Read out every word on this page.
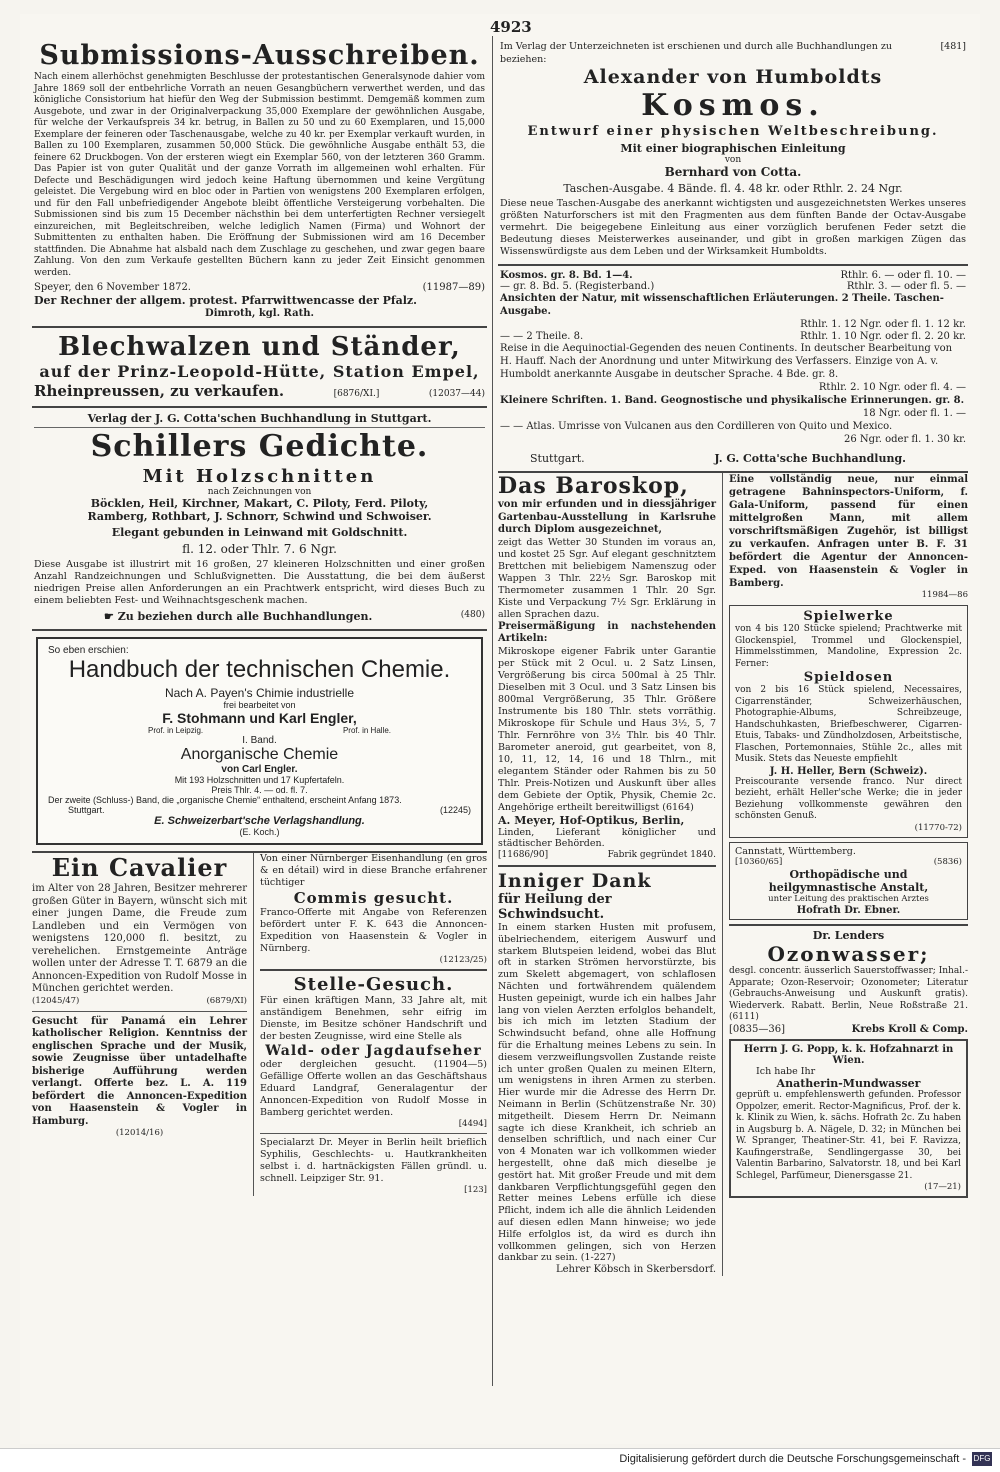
4923
Submissions-Ausschreiben.

Nach einem allerhöchst genehmigten Beschlusse der protestantischen Generalsynode dahier vom Jahre 1869 soll der entbehrliche Vorrath an neuen Gesangbüchern verwerthet werden, und das königliche Consistorium hat hiefür den Weg der Submission bestimmt. Demgemäß kommen zum Ausgebote, und zwar in der Originalverpackung 35,000 Exemplare der gewöhnlichen Ausgabe, für welche der Verkaufspreis 34 kr. betrug, in Ballen zu 50 und zu 60 Exemplaren, und 15,000 Exemplare der feineren oder Taschenausgabe, welche zu 40 kr. per Exemplar verkauft wurden, in Ballen zu 100 Exemplaren, zusammen 50,000 Stück. Die gewöhnliche Ausgabe enthält 53, die feinere 62 Druckbogen. Von der ersteren wiegt ein Exemplar 560, von der letzteren 360 Gramm. Das Papier ist von guter Qualität und der ganze Vorrath im allgemeinen wohl erhalten. Für Defecte und Beschädigungen wird jedoch keine Haftung übernommen und keine Vergütung geleistet. Die Vergebung wird en bloc oder in Partien von wenigstens 200 Exemplaren erfolgen, und für den Fall unbefriedigender Angebote bleibt öffentliche Versteigerung vorbehalten. Die Submissionen sind bis zum 15 December nächsthin bei dem unterfertigten Rechner versiegelt einzureichen, mit Begleitschreiben, welche lediglich Namen (Firma) und Wohnort der Submittenten zu enthalten haben. Die Eröffnung der Submissionen wird am 16 December stattfinden. Die Abnahme hat alsbald nach dem Zuschlage zu geschehen, und zwar gegen baare Zahlung. Von den zum Verkaufe gestellten Büchern kann zu jeder Zeit Einsicht genommen werden.

Speyer, den 6 November 1872.	(11987—89)
Der Rechner der allgem. protest. Pfarrwittwencasse der Pfalz.
Dimroth, kgl. Rath.
Blechwalzen und Ständer,
auf der Prinz-Leopold-Hütte, Station Empel,
Rheinpreussen, zu verkaufen.	[6876/XI.]	(12037—44)
Verlag der J. G. Cotta'schen Buchhandlung in Stuttgart.
Schillers Gedichte.
Mit Holzschnitten
nach Zeichnungen von
Böcklen, Heil, Kirchner, Makart, C. Piloty, Ferd. Piloty,
Ramberg, Rothbart, J. Schnorr, Schwind und Schwoiser.
Elegant gebunden in Leinwand mit Goldschnitt.
fl. 12. oder Thlr. 7. 6 Ngr.

Diese Ausgabe ist illustrirt mit 16 großen, 27 kleineren Holzschnitten und einer großen Anzahl Randzeichnungen und Schlußvignetten. Die Ausstattung, die bei dem äußerst niedrigen Preise allen Anforderungen an ein Prachtwerk entspricht, wird dieses Buch zu einem beliebten Fest- und Weihnachtsgeschenk machen.

☛ Zu beziehen durch alle Buchhandlungen.	(480)
So eben erschien:
Handbuch der technischen Chemie.
Nach A. Payen's Chimie industrielle
frei bearbeitet von
F. Stohmann und Karl Engler,
Prof. in Leipzig.	Prof. in Halle.
I. Band.
Anorganische Chemie
von Carl Engler.
Mit 193 Holzschnitten und 17 Kupfertafeln.
Preis Thlr. 4. — od. fl. 7.
Der zweite (Schluss-) Band, die „organische Chemie“ enthaltend, erscheint Anfang 1873.
Stuttgart.	(12245)
E. Schweizerbart'sche Verlagshandlung.
(E. Koch.)
Ein Cavalier

im Alter von 28 Jahren, Besitzer mehrerer großen Güter in Bayern, wünscht sich mit einer jungen Dame, die Freude zum Landleben und ein Vermögen von wenigstens 120,000 fl. besitzt, zu verehelichen. Ernstgemeinte Anträge wollen unter der Adresse T. T. 6879 an die Annoncen-Expedition von Rudolf Mosse in München gerichtet werden.

(12045/47)	(6879/XI)

Gesucht für Panamá ein Lehrer katholischer Religion. Kenntniss der englischen Sprache und der Musik, sowie Zeugnisse über untadelhafte bisherige Aufführung werden verlangt. Offerte bez. L. A. 119 befördert die Annoncen-Expedition von Haasenstein & Vogler in Hamburg.

(12014/16)

Von einer Nürnberger Eisenhandlung (en gros & en détail) wird in diese Branche erfahrener tüchtiger

Commis gesucht.

Franco-Offerte mit Angabe von Referenzen befördert unter F. K. 643 die Annoncen-Expedition von Haasenstein & Vogler in Nürnberg.

(12123/25)
Stelle-Gesuch.

Für einen kräftigen Mann, 33 Jahre alt, mit anständigem Benehmen, sehr eifrig im Dienste, im Besitze schöner Handschrift und der besten Zeugnisse, wird eine Stelle als

Wald- oder Jagdaufseher

oder dergleichen gesucht. (11904—5) Gefällige Offerte wollen an das Geschäftshaus Eduard Landgraf, Generalagentur der Annoncen-Expedition von Rudolf Mosse in Bamberg gerichtet werden.

[4494]

Specialarzt Dr. Meyer in Berlin heilt brieflich Syphilis, Geschlechts- u. Hautkrankheiten selbst i. d. hartnäckigsten Fällen gründl. u. schnell. Leipziger Str. 91.

[123]
Im Verlag der Unterzeichneten ist erschienen und durch alle Buchhandlungen zu beziehen:
[481]
Alexander von Humboldts
Kosmos.
Entwurf einer physischen Weltbeschreibung.
Mit einer biographischen Einleitung
von
Bernhard von Cotta.
Taschen-Ausgabe. 4 Bände. fl. 4. 48 kr. oder Rthlr. 2. 24 Ngr.

Diese neue Taschen-Ausgabe des anerkannt wichtigsten und ausgezeichnetsten Werkes unseres größten Naturforschers ist mit den Fragmenten aus dem fünften Bande der Octav-Ausgabe vermehrt. Die beigegebene Einleitung aus einer vorzüglich berufenen Feder setzt die Bedeutung dieses Meisterwerkes auseinander, und gibt in großen markigen Zügen das Wissenswürdigste aus dem Leben und der Wirksamkeit Humboldts.

Kosmos. gr. 8. Bd. 1—4.	Rthlr. 6. — oder fl. 10. —
— gr. 8. Bd. 5. (Registerband.)	Rthlr. 3. — oder fl. 5. —
Ansichten der Natur, mit wissenschaftlichen Erläuterungen. 2 Theile. Taschen-Ausgabe.
Rthlr. 1. 12 Ngr. oder fl. 1. 12 kr.
— — 2 Theile. 8.	Rthlr. 1. 10 Ngr. oder fl. 2. 20 kr.
Reise in die Aequinoctial-Gegenden des neuen Continents. In deutscher Bearbeitung von H. Hauff. Nach der Anordnung und unter Mitwirkung des Verfassers. Einzige von A. v. Humboldt anerkannte Ausgabe in deutscher Sprache. 4 Bde. gr. 8.
Rthlr. 2. 10 Ngr. oder fl. 4. —
Kleinere Schriften. 1. Band. Geognostische und physikalische Erinnerungen. gr. 8.
18 Ngr. oder fl. 1. —
— — Atlas. Umrisse von Vulcanen aus den Cordilleren von Quito und Mexico.
26 Ngr. oder fl. 1. 30 kr.
Stuttgart.	J. G. Cotta'sche Buchhandlung.
Das Baroskop,

von mir erfunden und in diessjähriger Gartenbau-Ausstellung in Karlsruhe durch Diplom ausgezeichnet,

zeigt das Wetter 30 Stunden im voraus an, und kostet 25 Sgr. Auf elegant geschnitztem Brettchen mit beliebigem Namenszug oder Wappen 3 Thlr. 22½ Sgr. Baroskop mit Thermometer zusammen 1 Thlr. 20 Sgr. Kiste und Verpackung 7½ Sgr. Erklärung in allen Sprachen dazu.

Preisermäßigung in nachstehenden Artikeln:

Mikroskope eigener Fabrik unter Garantie per Stück mit 2 Ocul. u. 2 Satz Linsen, Vergrößerung bis circa 500mal à 25 Thlr. Dieselben mit 3 Ocul. und 3 Satz Linsen bis 800mal Vergrößerung, 35 Thlr. Größere Instrumente bis 180 Thlr. stets vorräthig. Mikroskope für Schule und Haus 3½, 5, 7 Thlr. Fernröhre von 3½ Thlr. bis 40 Thlr. Barometer aneroid, gut gearbeitet, von 8, 10, 11, 12, 14, 16 und 18 Thlrn., mit elegantem Ständer oder Rahmen bis zu 50 Thlr. Preis-Notizen und Auskunft über alles dem Gebiete der Optik, Physik, Chemie 2c. Angehörige ertheilt bereitwilligst (6164)

A. Meyer, Hof-Optikus, Berlin,
Linden, Lieferant königlicher und städtischer Behörden.
[11686/90]	Fabrik gegründet 1840.
Inniger Dank
für Heilung der Schwindsucht.

In einem starken Husten mit profusem, übelriechendem, eiterigem Auswurf und starkem Blutspeien leidend, wobei das Blut oft in starken Strömen hervorstürzte, bis zum Skelett abgemagert, von schlaflosen Nächten und fortwährendem quälendem Husten gepeinigt, wurde ich ein halbes Jahr lang von vielen Aerzten erfolglos behandelt, bis ich mich im letzten Stadium der Schwindsucht befand, ohne alle Hoffnung für die Erhaltung meines Lebens zu sein. In diesem verzweiflungsvollen Zustande reiste ich unter großen Qualen zu meinen Eltern, um wenigstens in ihren Armen zu sterben. Hier wurde mir die Adresse des Herrn Dr. Neimann in Berlin (Schützenstraße Nr. 30) mitgetheilt. Diesem Herrn Dr. Neimann sagte ich diese Krankheit, ich schrieb an denselben schriftlich, und nach einer Cur von 4 Monaten war ich vollkommen wieder hergestellt, ohne daß mich dieselbe je gestört hat. Mit großer Freude und mit dem dankbaren Verpflichtungsgefühl gegen den Retter meines Lebens erfülle ich diese Pflicht, indem ich alle die ähnlich Leidenden auf diesen edlen Mann hinweise; wo jede Hilfe erfolglos ist, da wird es durch ihn vollkommen gelingen, sich von Herzen dankbar zu sein. (1-227)

Lehrer Köbsch in Skerbersdorf.

Eine vollständig neue, nur einmal getragene Bahninspectors-Uniform, f. Gala-Uniform, passend für einen mittelgroßen Mann, mit allem vorschriftsmäßigen Zugehör, ist billigst zu verkaufen. Anfragen unter B. F. 31 befördert die Agentur der Annoncen-Exped. von Haasenstein & Vogler in Bamberg.

11984—86
Spielwerke

von 4 bis 120 Stücke spielend; Prachtwerke mit Glockenspiel, Trommel und Glockenspiel, Himmelsstimmen, Mandoline, Expression 2c. Ferner:

Spieldosen

von 2 bis 16 Stück spielend, Necessaires, Cigarrenständer, Schweizerhäuschen, Photographie-Albums, Schreibzeuge, Handschuhkasten, Briefbeschwerer, Cigarren-Etuis, Tabaks- und Zündholzdosen, Arbeitstische, Flaschen, Portemonnaies, Stühle 2c., alles mit Musik. Stets das Neueste empfiehlt

J. H. Heller, Bern (Schweiz).

Preiscourante versende franco. Nur direct bezieht, erhält Heller'sche Werke; die in jeder Beziehung vollkommenste gewähren den schönsten Genuß.

(11770-72)
Cannstatt, Württemberg.
[10360/65]	(5836)
Orthopädische und heilgymnastische Anstalt,
unter Leitung des praktischen Arztes
Hofrath Dr. Ebner.
Dr. Lenders
Ozonwasser;

desgl. concentr. äusserlich Sauerstoffwasser; Inhal.-Apparate; Ozon-Reservoir; Ozonometer; Literatur (Gebrauchs-Anweisung und Auskunft gratis). Wiederverk. Rabatt. Berlin, Neue Roßstraße 21. (6111)

[0835—36]	Krebs Kroll & Comp.
Herrn J. G. Popp, k. k. Hofzahnarzt in Wien.
Ich habe Ihr
Anatherin-Mundwasser

geprüft u. empfehlenswerth gefunden. Professor Oppolzer, emerit. Rector-Magnificus, Prof. der k. k. Klinik zu Wien, k. sächs. Hofrath 2c. Zu haben in Augsburg b. A. Nägele, D. 32; in München bei W. Spranger, Theatiner-Str. 41, bei F. Ravizza, Kaufingerstraße, Sendlingergasse 30, bei Valentin Barbarino, Salvatorstr. 18, und bei Karl Schlegel, Parfümeur, Dienersgasse 21.

(17—21)
Digitalisierung gefördert durch die Deutsche Forschungsgemeinschaft - DFG
